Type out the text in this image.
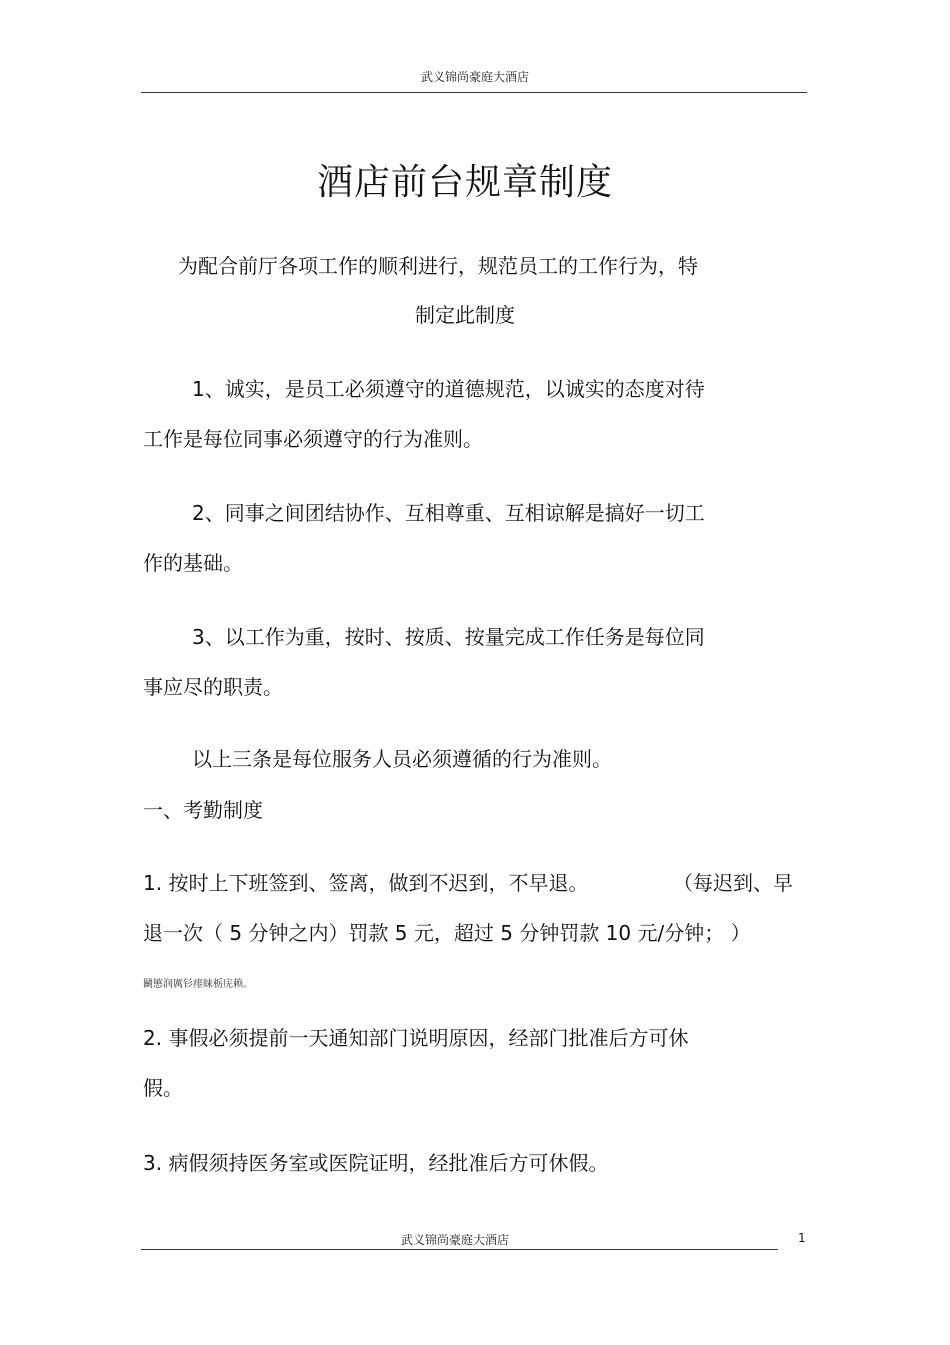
武义锦尚豪庭大酒店
酒店前台规章制度
为配合前厅各项工作的顺利进行，规范员工的工作行为，特
制定此制度
1、诚实，是员工必须遵守的道德规范，以诚实的态度对待
工作是每位同事必须遵守的行为准则。
2、同事之间团结协作、互相尊重、互相谅解是搞好一切工
作的基础。
3、以工作为重，按时、按质、按量完成工作任务是每位同
事应尽的职责。
以上三条是每位服务人员必须遵循的行为准则。
一、考勤制度
1. 按时上下班签到、签离，做到不迟到，不早退。	（每迟到、早
退一次（ 5 分钟之内）罚款 5 元，超过 5 分钟罚款 10 元/分钟； ）
鬭慜润厲钐瘗睐栃庑赖。
2. 事假必须提前一天通知部门说明原因，经部门批准后方可休
假。
3. 病假须持医务室或医院证明，经批准后方可休假。
武义锦尚豪庭大酒店	1
